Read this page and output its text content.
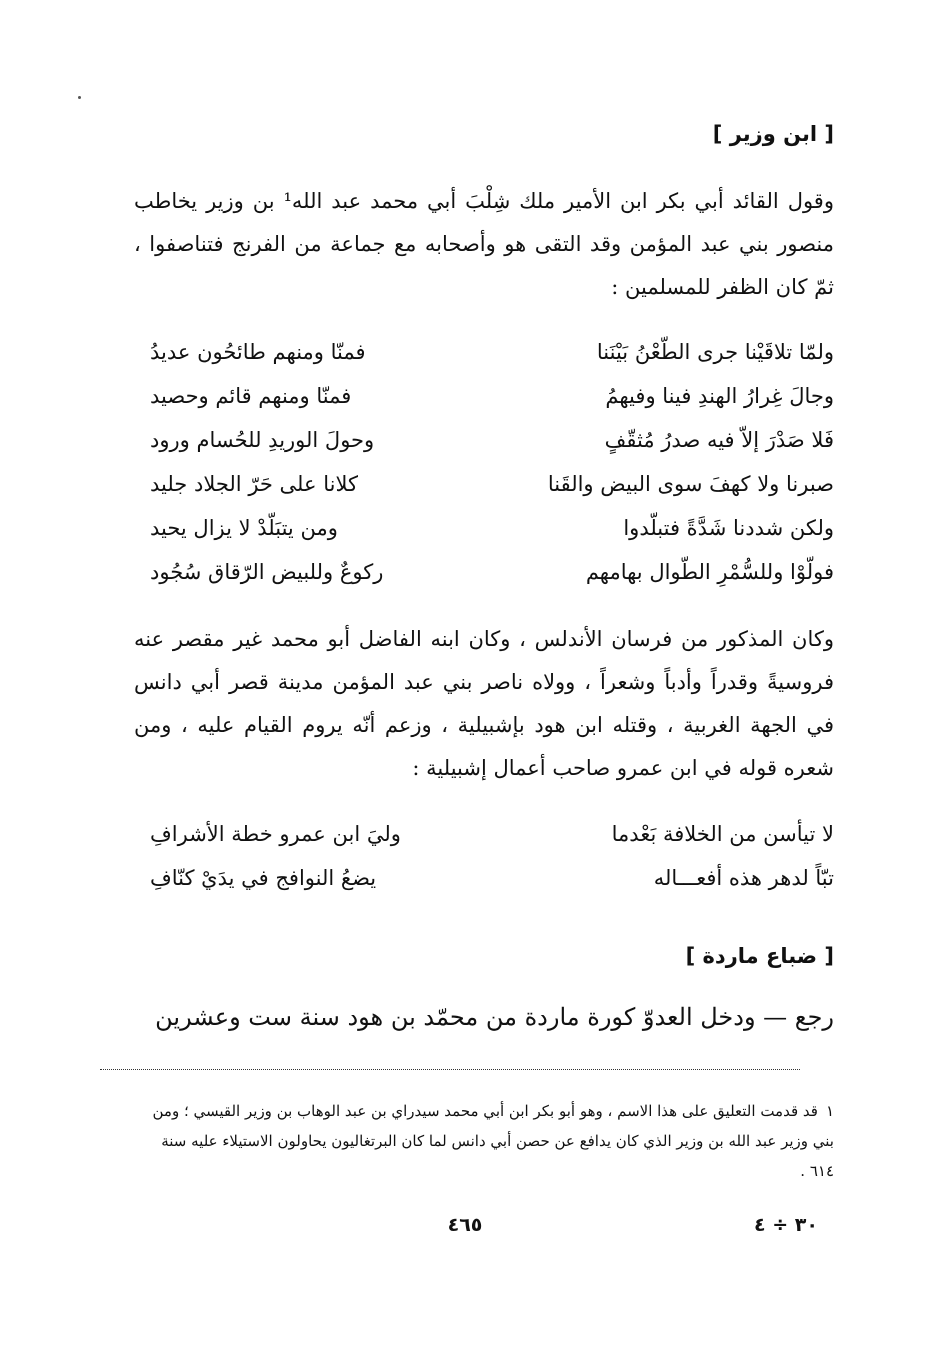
[ ابن وزير ]

وقول القائد أبي بكر ابن الأمير ملك شِلْبَ أبي محمد عبد الله¹ بن وزير يخاطب منصور بني عبد المؤمن وقد التقى هو وأصحابه مع جماعة من الفرنج فتناصفوا ، ثمّ كان الظفر للمسلمين :

ولمّا تلاقَيْنا جرى الطّعْنُ بَيْنَنا
فمنّا ومنهم طائحُون عديدُ
وجالَ غِرارُ الهندِ فينا وفيهمُ
فمنّا ومنهم قائم وحصيد
فَلا صَدْرَ إلاّ فيه صدرُ مُثقّفٍ
وحولَ الوريدِ للحُسام ورود
صبرنا ولا كهفَ سوى البيض والقَنا
كلانا على حَرّ الجلاد جليد
ولكن شددنا شَدَّةً فتبلّدوا
ومن يتبَلّدْ لا يزال يحيد
فولّوْا وللسُّمْرِ الطّوال بهامهم
ركوعٌ وللبيض الرّقاق سُجُود

وكان المذكور من فرسان الأندلس ، وكان ابنه الفاضل أبو محمد غير مقصر عنه فروسيةً وقدراً وأدباً وشعراً ، وولاه ناصر بني عبد المؤمن مدينة قصر أبي دانس في الجهة الغربية ، وقتله ابن هود بإشبيلية ، وزعم أنّه يروم القيام عليه ، ومن شعره قوله في ابن عمرو صاحب أعمال إشبيلية :

لا تيأسن من الخلافة بَعْدما
وليَ ابن عمرو خطة الأشرافِ
تبّاً لدهر هذه أفعـــاله
يضعُ النوافج في يدَيْ كنّافِ
[ ضباع ماردة ]

رجع — ودخل العدوّ كورة ماردة من محمّد بن هود سنة ست وعشرين

١قد قدمت التعليق على هذا الاسم ، وهو أبو بكر ابن أبي محمد سيدراي بن عبد الوهاب بن وزير القيسي ؛ ومن بني وزير عبد الله بن وزير الذي كان يدافع عن حصن أبي دانس لما كان البرتغاليون يحاولون الاستيلاء عليه سنة ٦١٤ .

٤٦٥	٣٠ ÷ ٤
